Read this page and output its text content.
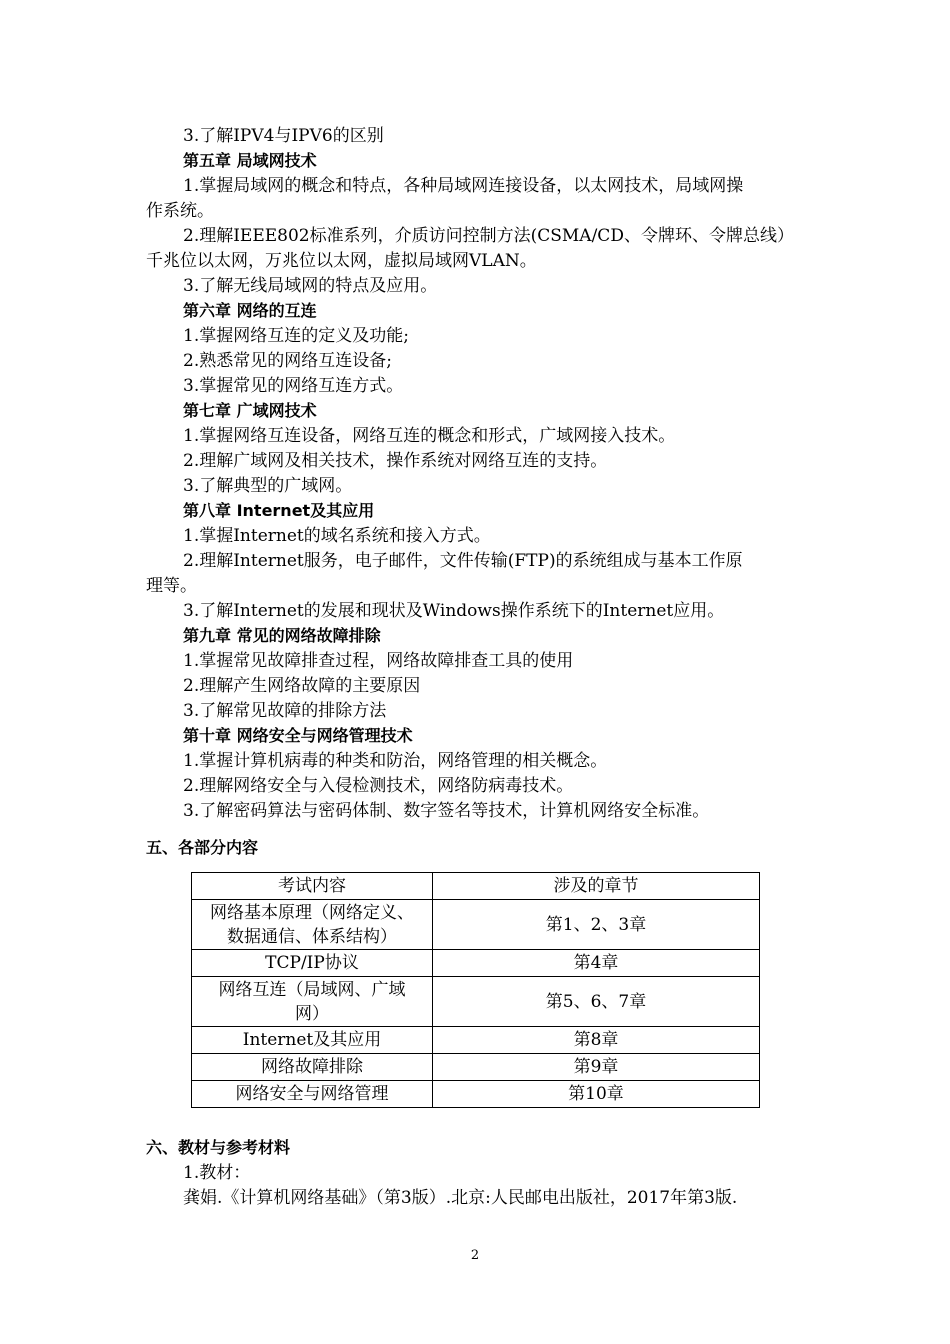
3.了解IPV4与IPV6的区别
第五章 局域网技术
1.掌握局域网的概念和特点，各种局域网连接设备，以太网技术，局域网操
作系统。
2.理解IEEE802标准系列，介质访问控制方法(CSMA/CD、令牌环、令牌总线）
千兆位以太网，万兆位以太网，虚拟局域网VLAN。
3.了解无线局域网的特点及应用。
第六章 网络的互连
1.掌握网络互连的定义及功能;
2.熟悉常见的网络互连设备;
3.掌握常见的网络互连方式。
第七章 广域网技术
1.掌握网络互连设备，网络互连的概念和形式，广域网接入技术。
2.理解广域网及相关技术，操作系统对网络互连的支持。
3.了解典型的广域网。
第八章 Internet及其应用
1.掌握Internet的域名系统和接入方式。
2.理解Internet服务，电子邮件，文件传输(FTP)的系统组成与基本工作原
理等。
3.了解Internet的发展和现状及Windows操作系统下的Internet应用。
第九章 常见的网络故障排除
1.掌握常见故障排查过程，网络故障排查工具的使用
2.理解产生网络故障的主要原因
3.了解常见故障的排除方法
第十章 网络安全与网络管理技术
1.掌握计算机病毒的种类和防治，网络管理的相关概念。
2.理解网络安全与入侵检测技术，网络防病毒技术。
3.了解密码算法与密码体制、数字签名等技术，计算机网络安全标准。
五、各部分内容
考试内容	涉及的章节

网络基本原理（网络定义、
数据通信、体系结构）	第1、2、3章
TCP/IP协议	第4章

网络互连（局域网、广域
网）	第5、6、7章
Internet及其应用	第8章
网络故障排除	第9章
网络安全与网络管理	第10章
六、教材与参考材料
1.教材：
龚娟.《计算机网络基础》（第3版）.北京:人民邮电出版社，2017年第3版.
2
